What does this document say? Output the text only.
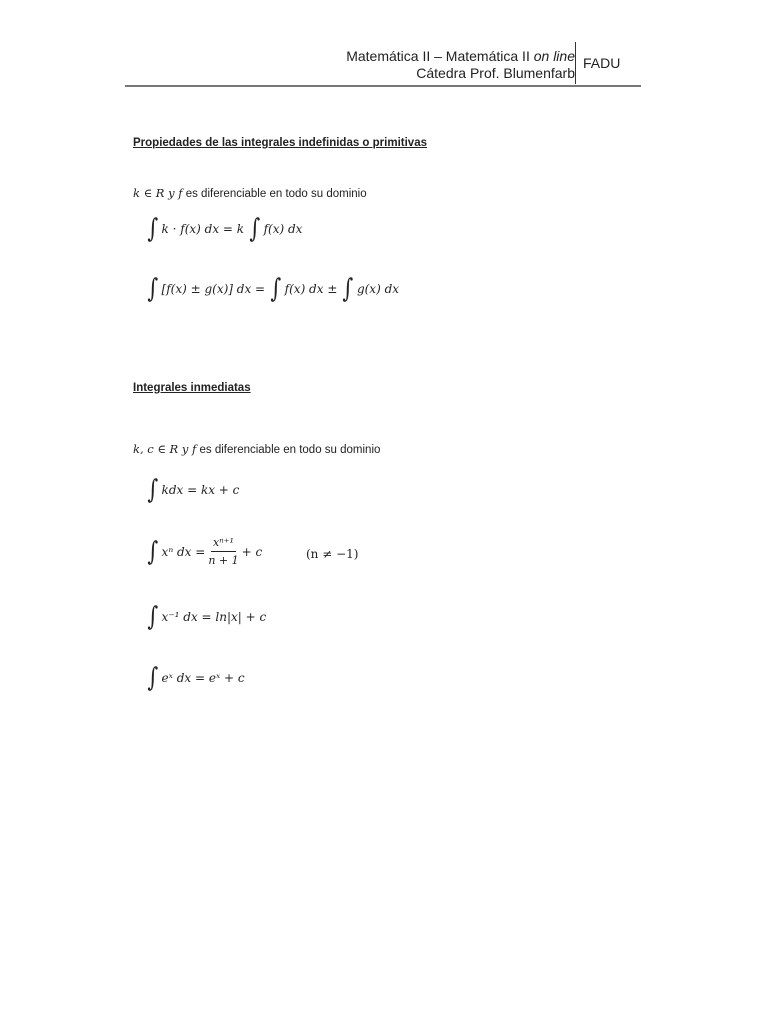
Matemática II – Matemática II on line
Cátedra Prof. Blumenfarb
FADU
Propiedades de las integrales indefinidas o primitivas
k ∈ R y f es diferenciable en todo su dominio
∫ k · f(x) dx = k ∫ f(x) dx
∫ [f(x) ± g(x)] dx = ∫ f(x) dx ± ∫ g(x) dx
Integrales inmediatas
k, c ∈ R y f es diferenciable en todo su dominio
∫ kdx = kx + c
∫ xⁿ dx = $\frac{\text{xⁿ⁺¹}}{n + 1} + c$	(n ≠ −1)
∫ x⁻¹ dx = ln|x| + c
∫ eˣ dx = eˣ + c
